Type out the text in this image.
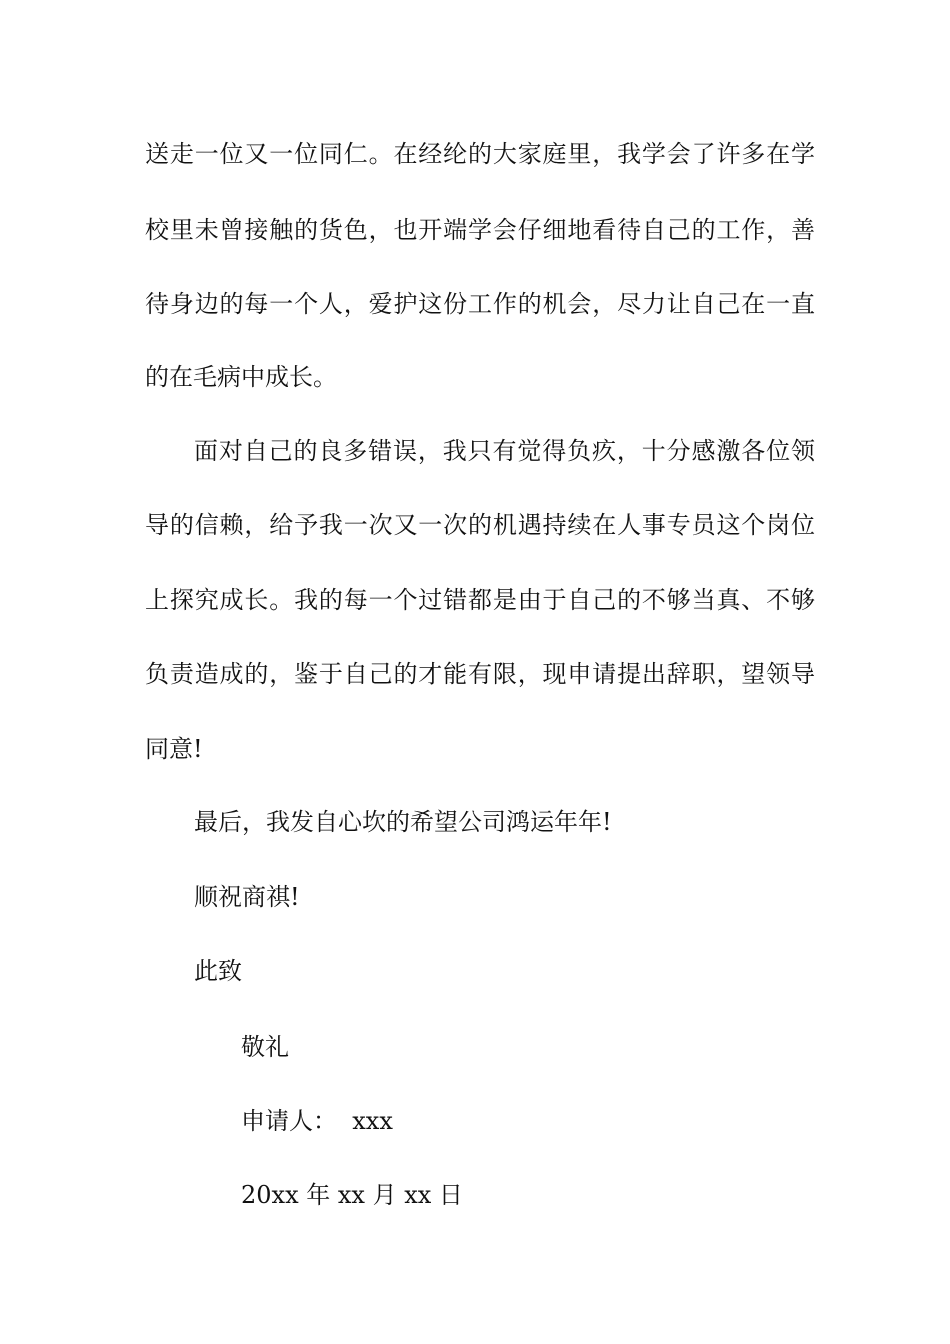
送走一位又一位同仁。在经纶的大家庭里，我学会了许多在学
校里未曾接触的货色，也开端学会仔细地看待自己的工作，善
待身边的每一个人，爱护这份工作的机会，尽力让自己在一直
的在毛病中成长。
面对自己的良多错误，我只有觉得负疚，十分感激各位领
导的信赖，给予我一次又一次的机遇持续在人事专员这个岗位
上探究成长。我的每一个过错都是由于自己的不够当真、不够
负责造成的，鉴于自己的才能有限，现申请提出辞职，望领导
同意!
最后，我发自心坎的希望公司鸿运年年!
顺祝商祺!
此致
敬礼
申请人：  xxx
20xx 年 xx 月 xx 日
